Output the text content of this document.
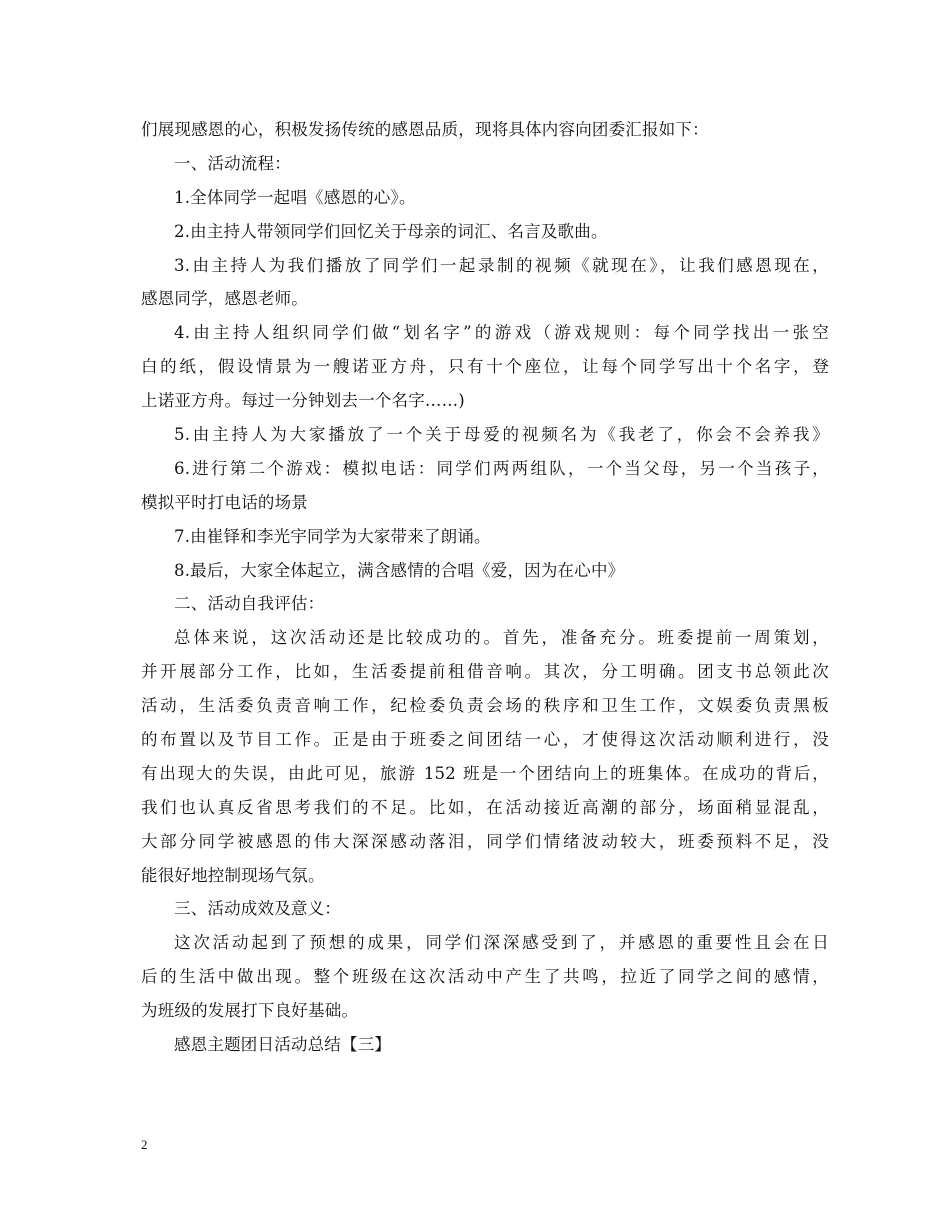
们展现感恩的心，积极发扬传统的感恩品质，现将具体内容向团委汇报如下：
一、活动流程：
1.全体同学一起唱《感恩的心》。
2.由主持人带领同学们回忆关于母亲的词汇、名言及歌曲。
3.由主持人为我们播放了同学们一起录制的视频《就现在》，让我们感恩现在，
感恩同学，感恩老师。
4.由主持人组织同学们做“划名字”的游戏（游戏规则：每个同学找出一张空
白的纸，假设情景为一艘诺亚方舟，只有十个座位，让每个同学写出十个名字，登
上诺亚方舟。每过一分钟划去一个名字……)
5.由主持人为大家播放了一个关于母爱的视频名为《我老了，你会不会养我》
6.进行第二个游戏：模拟电话：同学们两两组队，一个当父母，另一个当孩子，
模拟平时打电话的场景
7.由崔铎和李光宇同学为大家带来了朗诵。
8.最后，大家全体起立，满含感情的合唱《爱，因为在心中》
二、活动自我评估：
总体来说，这次活动还是比较成功的。首先，准备充分。班委提前一周策划，
并开展部分工作，比如，生活委提前租借音响。其次，分工明确。团支书总领此次
活动，生活委负责音响工作，纪检委负责会场的秩序和卫生工作，文娱委负责黑板
的布置以及节目工作。正是由于班委之间团结一心，才使得这次活动顺利进行，没
有出现大的失误，由此可见，旅游 152 班是一个团结向上的班集体。在成功的背后，
我们也认真反省思考我们的不足。比如，在活动接近高潮的部分，场面稍显混乱，
大部分同学被感恩的伟大深深感动落泪，同学们情绪波动较大，班委预料不足，没
能很好地控制现场气氛。
三、活动成效及意义：
这次活动起到了预想的成果，同学们深深感受到了，并感恩的重要性且会在日
后的生活中做出现。整个班级在这次活动中产生了共鸣，拉近了同学之间的感情，
为班级的发展打下良好基础。
感恩主题团日活动总结【三】
2
